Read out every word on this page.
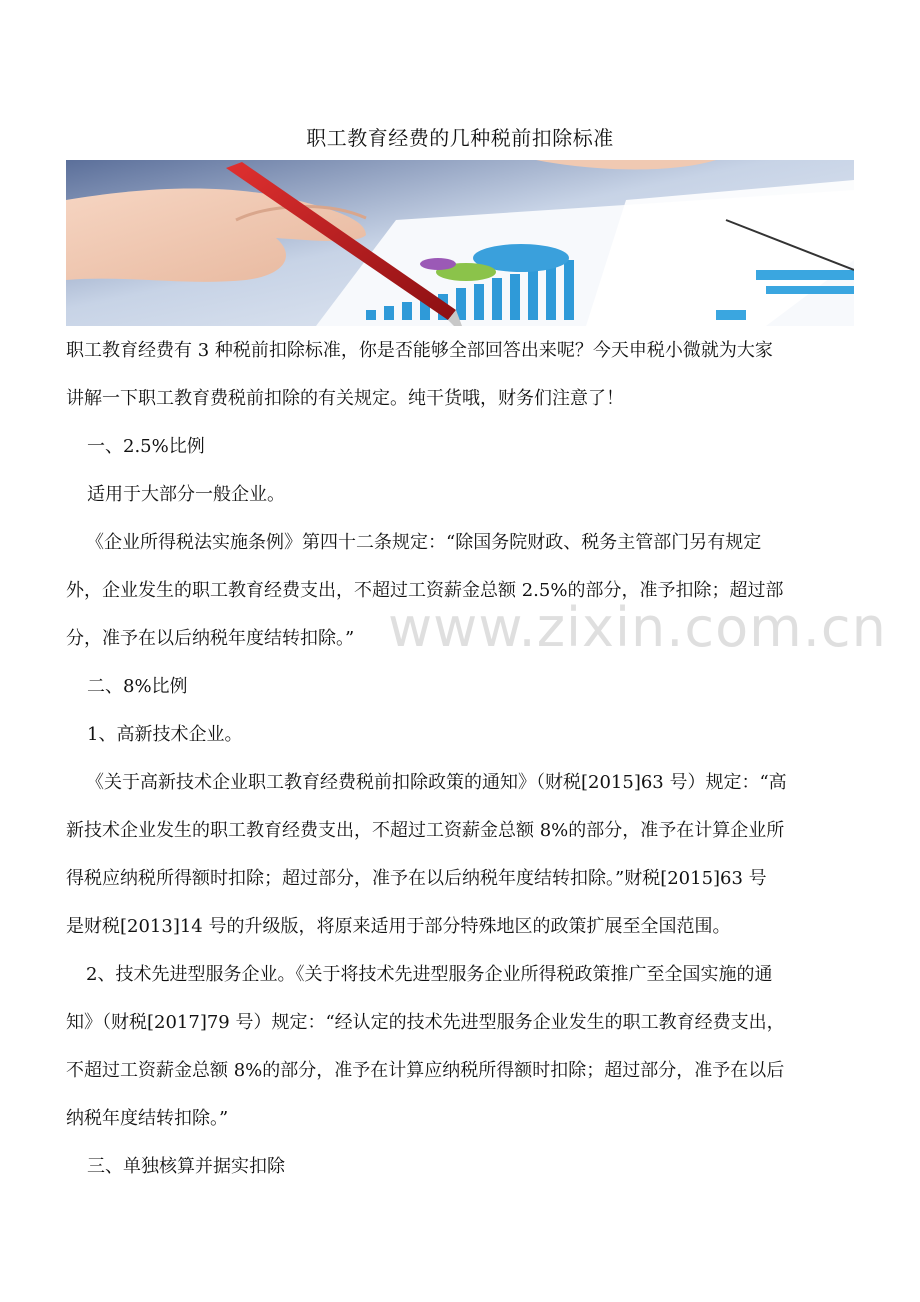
职工教育经费的几种税前扣除标准
www.zixin.com.cn
职工教育经费有 3 种税前扣除标准，你是否能够全部回答出来呢？今天申税小微就为大家
讲解一下职工教育费税前扣除的有关规定。纯干货哦，财务们注意了！
一、2.5%比例
适用于大部分一般企业。
《企业所得税法实施条例》第四十二条规定：“除国务院财政、税务主管部门另有规定
外，企业发生的职工教育经费支出，不超过工资薪金总额 2.5%的部分，准予扣除；超过部
分，准予在以后纳税年度结转扣除。”
二、8%比例
1、高新技术企业。
《关于高新技术企业职工教育经费税前扣除政策的通知》（财税[2015]63 号）规定：“高
新技术企业发生的职工教育经费支出，不超过工资薪金总额 8%的部分，准予在计算企业所
得税应纳税所得额时扣除；超过部分，准予在以后纳税年度结转扣除。”财税[2015]63 号
是财税[2013]14 号的升级版，将原来适用于部分特殊地区的政策扩展至全国范围。
2、技术先进型服务企业。《关于将技术先进型服务企业所得税政策推广至全国实施的通
知》（财税[2017]79 号）规定：“经认定的技术先进型服务企业发生的职工教育经费支出，
不超过工资薪金总额 8%的部分，准予在计算应纳税所得额时扣除；超过部分，准予在以后
纳税年度结转扣除。”
三、单独核算并据实扣除
